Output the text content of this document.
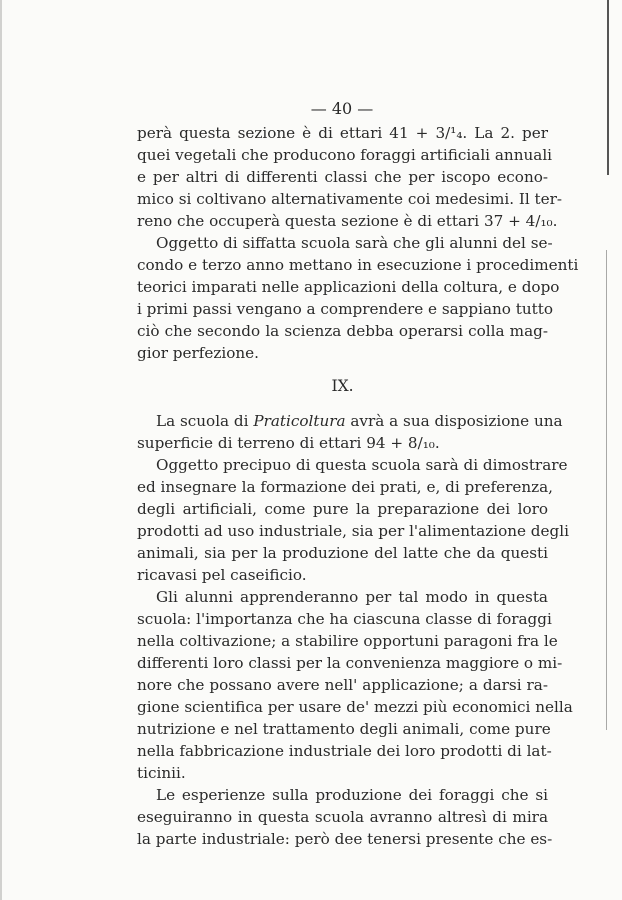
— 40 —
perà questa sezione è di ettari 41 + 3/¹₄. La 2. per
quei vegetali che producono foraggi artificiali annuali
e per altri di differenti classi che per iscopo econo-
mico si coltivano alternativamente coi medesimi. Il ter-
reno che occuperà questa sezione è di ettari 37 + 4/₁₀.
Oggetto di siffatta scuola sarà che gli alunni del se-
condo e terzo anno mettano in esecuzione i procedimenti
teorici imparati nelle applicazioni della coltura, e dopo
i primi passi vengano a comprendere e sappiano tutto
ciò che secondo la scienza debba operarsi colla mag-
gior perfezione.
IX.
La scuola di Praticoltura avrà a sua disposizione una
superficie di terreno di ettari 94 + 8/₁₀.
Oggetto precipuo di questa scuola sarà di dimostrare
ed insegnare la formazione dei prati, e, di preferenza,
degli artificiali, come pure la preparazione dei loro
prodotti ad uso industriale, sia per l'alimentazione degli
animali, sia per la produzione del latte che da questi
ricavasi pel caseificio.
Gli alunni apprenderanno per tal modo in questa
scuola: l'importanza che ha ciascuna classe di foraggi
nella coltivazione; a stabilire opportuni paragoni fra le
differenti loro classi per la convenienza maggiore o mi-
nore che possano avere nell' applicazione; a darsi ra-
gione scientifica per usare de' mezzi più economici nella
nutrizione e nel trattamento degli animali, come pure
nella fabbricazione industriale dei loro prodotti di lat-
ticinii.
Le esperienze sulla produzione dei foraggi che si
eseguiranno in questa scuola avranno altresì di mira
la parte industriale: però dee tenersi presente che es-
